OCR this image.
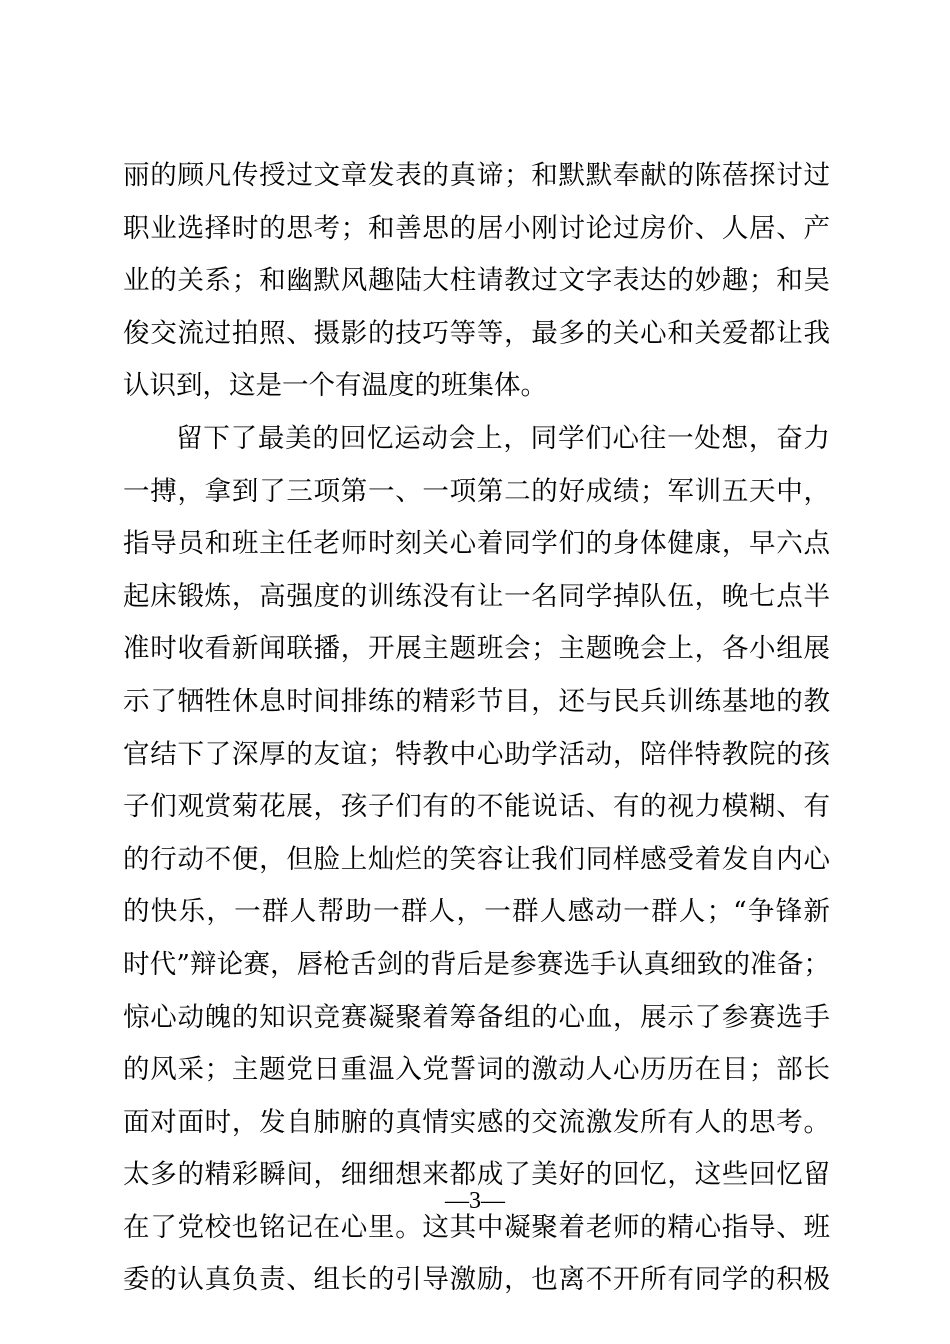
丽的顾凡传授过文章发表的真谛；和默默奉献的陈蓓探讨过
职业选择时的思考；和善思的居小刚讨论过房价、人居、产
业的关系；和幽默风趣陆大柱请教过文字表达的妙趣；和吴
俊交流过拍照、摄影的技巧等等，最多的关心和关爱都让我
认识到，这是一个有温度的班集体。
留下了最美的回忆运动会上，同学们心往一处想，奋力
一搏，拿到了三项第一、一项第二的好成绩；军训五天中，
指导员和班主任老师时刻关心着同学们的身体健康，早六点
起床锻炼，高强度的训练没有让一名同学掉队伍，晚七点半
准时收看新闻联播，开展主题班会；主题晚会上，各小组展
示了牺牲休息时间排练的精彩节目，还与民兵训练基地的教
官结下了深厚的友谊；特教中心助学活动，陪伴特教院的孩
子们观赏菊花展，孩子们有的不能说话、有的视力模糊、有
的行动不便，但脸上灿烂的笑容让我们同样感受着发自内心
的快乐，一群人帮助一群人，一群人感动一群人；“争锋新
时代”辩论赛，唇枪舌剑的背后是参赛选手认真细致的准备；
惊心动魄的知识竞赛凝聚着筹备组的心血，展示了参赛选手
的风采；主题党日重温入党誓词的激动人心历历在目；部长
面对面时，发自肺腑的真情实感的交流激发所有人的思考。
太多的精彩瞬间，细细想来都成了美好的回忆，这些回忆留
在了党校也铭记在心里。这其中凝聚着老师的精心指导、班
委的认真负责、组长的引导激励，也离不开所有同学的积极
—3—
